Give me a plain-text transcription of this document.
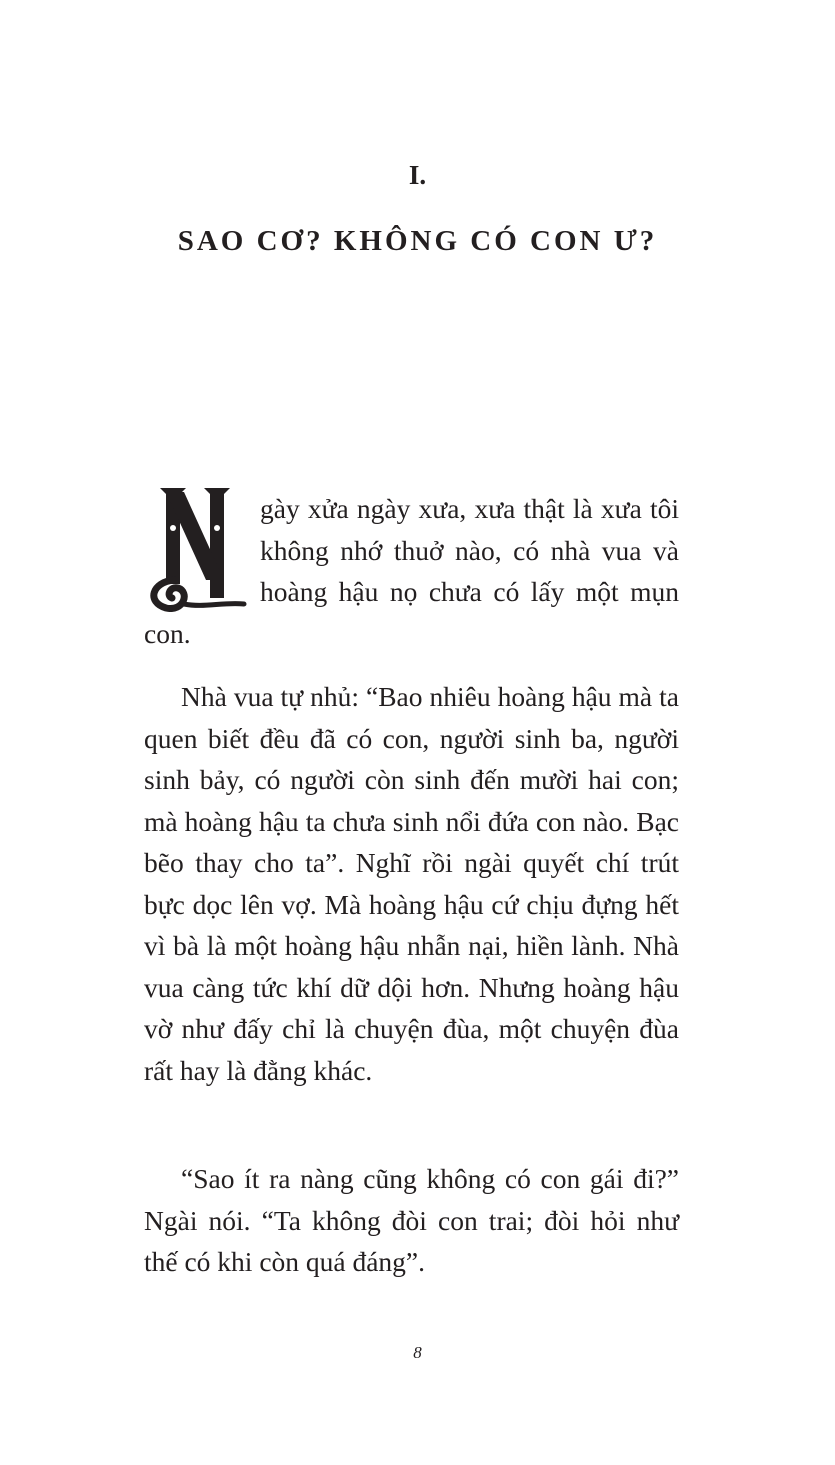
I.
SAO CƠ? KHÔNG CÓ CON Ư?
gày xửa ngày xưa, xưa thật là xưa tôi không nhớ thuở nào, có nhà vua và hoàng hậu nọ chưa có lấy một mụn con.
Nhà vua tự nhủ: “Bao nhiêu hoàng hậu mà ta quen biết đều đã có con, người sinh ba, người sinh bảy, có người còn sinh đến mười hai con; mà hoàng hậu ta chưa sinh nổi đứa con nào. Bạc bẽo thay cho ta”. Nghĩ rồi ngài quyết chí trút bực dọc lên vợ. Mà hoàng hậu cứ chịu đựng hết vì bà là một hoàng hậu nhẫn nại, hiền lành. Nhà vua càng tức khí dữ dội hơn. Nhưng hoàng hậu vờ như đấy chỉ là chuyện đùa, một chuyện đùa rất hay là đằng khác.
“Sao ít ra nàng cũng không có con gái đi?” Ngài nói. “Ta không đòi con trai; đòi hỏi như thế có khi còn quá đáng”.
8
